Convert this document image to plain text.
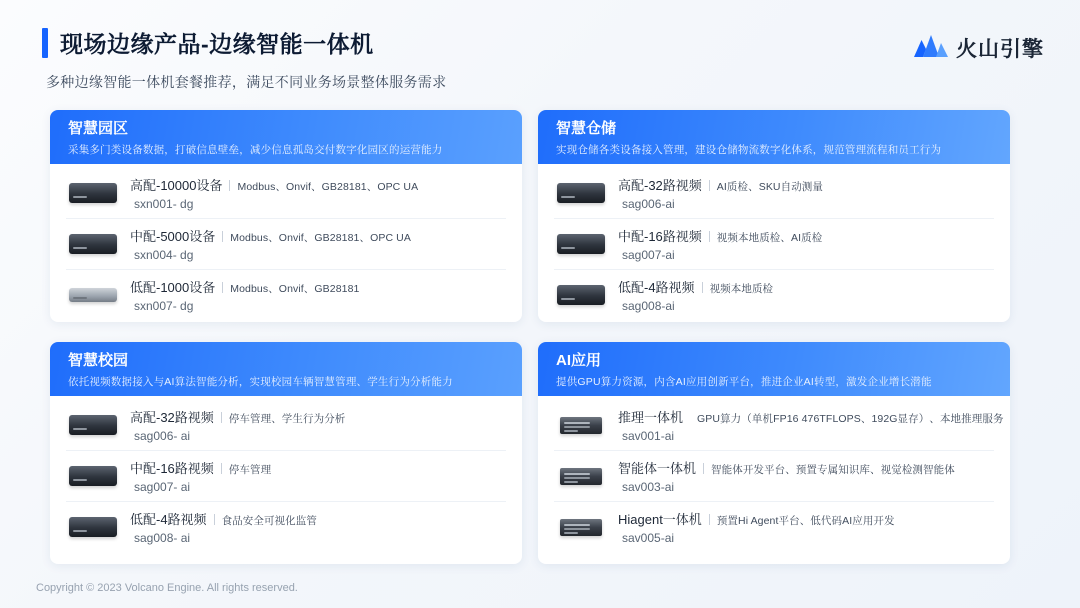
现场边缘产品-边缘智能一体机
多种边缘智能一体机套餐推荐，满足不同业务场景整体服务需求
火山引擎
智慧园区
采集多门类设备数据，打破信息壁垒，减少信息孤岛交付数字化园区的运营能力
高配-10000设备 Modbus、Onvif、GB28181、OPC UA
sxn001- dg
中配-5000设备 Modbus、Onvif、GB28181、OPC UA
sxn004- dg
低配-1000设备 Modbus、Onvif、GB28181
sxn007- dg
智慧仓储
实现仓储各类设备接入管理，建设仓储物流数字化体系，规范管理流程和员工行为
高配-32路视频 AI质检、SKU自动测量
sag006-ai
中配-16路视频 视频本地质检、AI质检
sag007-ai
低配-4路视频 视频本地质检
sag008-ai
智慧校园
依托视频数据接入与AI算法智能分析，实现校园车辆智慧管理、学生行为分析能力
高配-32路视频 停车管理、 学生行为分析
sag006- ai
中配-16路视频 停车管理
sag007- ai
低配-4路视频 食品安全可视化监管
sag008- ai
AI应用
提供GPU算力资源，内含AI应用创新平台，推进企业AI转型，激发企业增长潜能
推理一体机 GPU算力 （单机FP16 476TFLOPS、192G显存） 、本地推理服务
sav001-ai
智能体一体机 智能体开发平台、 预置专属知识库、视觉检测智能体
sav003-ai
Hiagent一体机 预置Hi Agent平台、低代码AI应用开发
sav005-ai
Copyright © 2023 Volcano Engine. All rights reserved.
